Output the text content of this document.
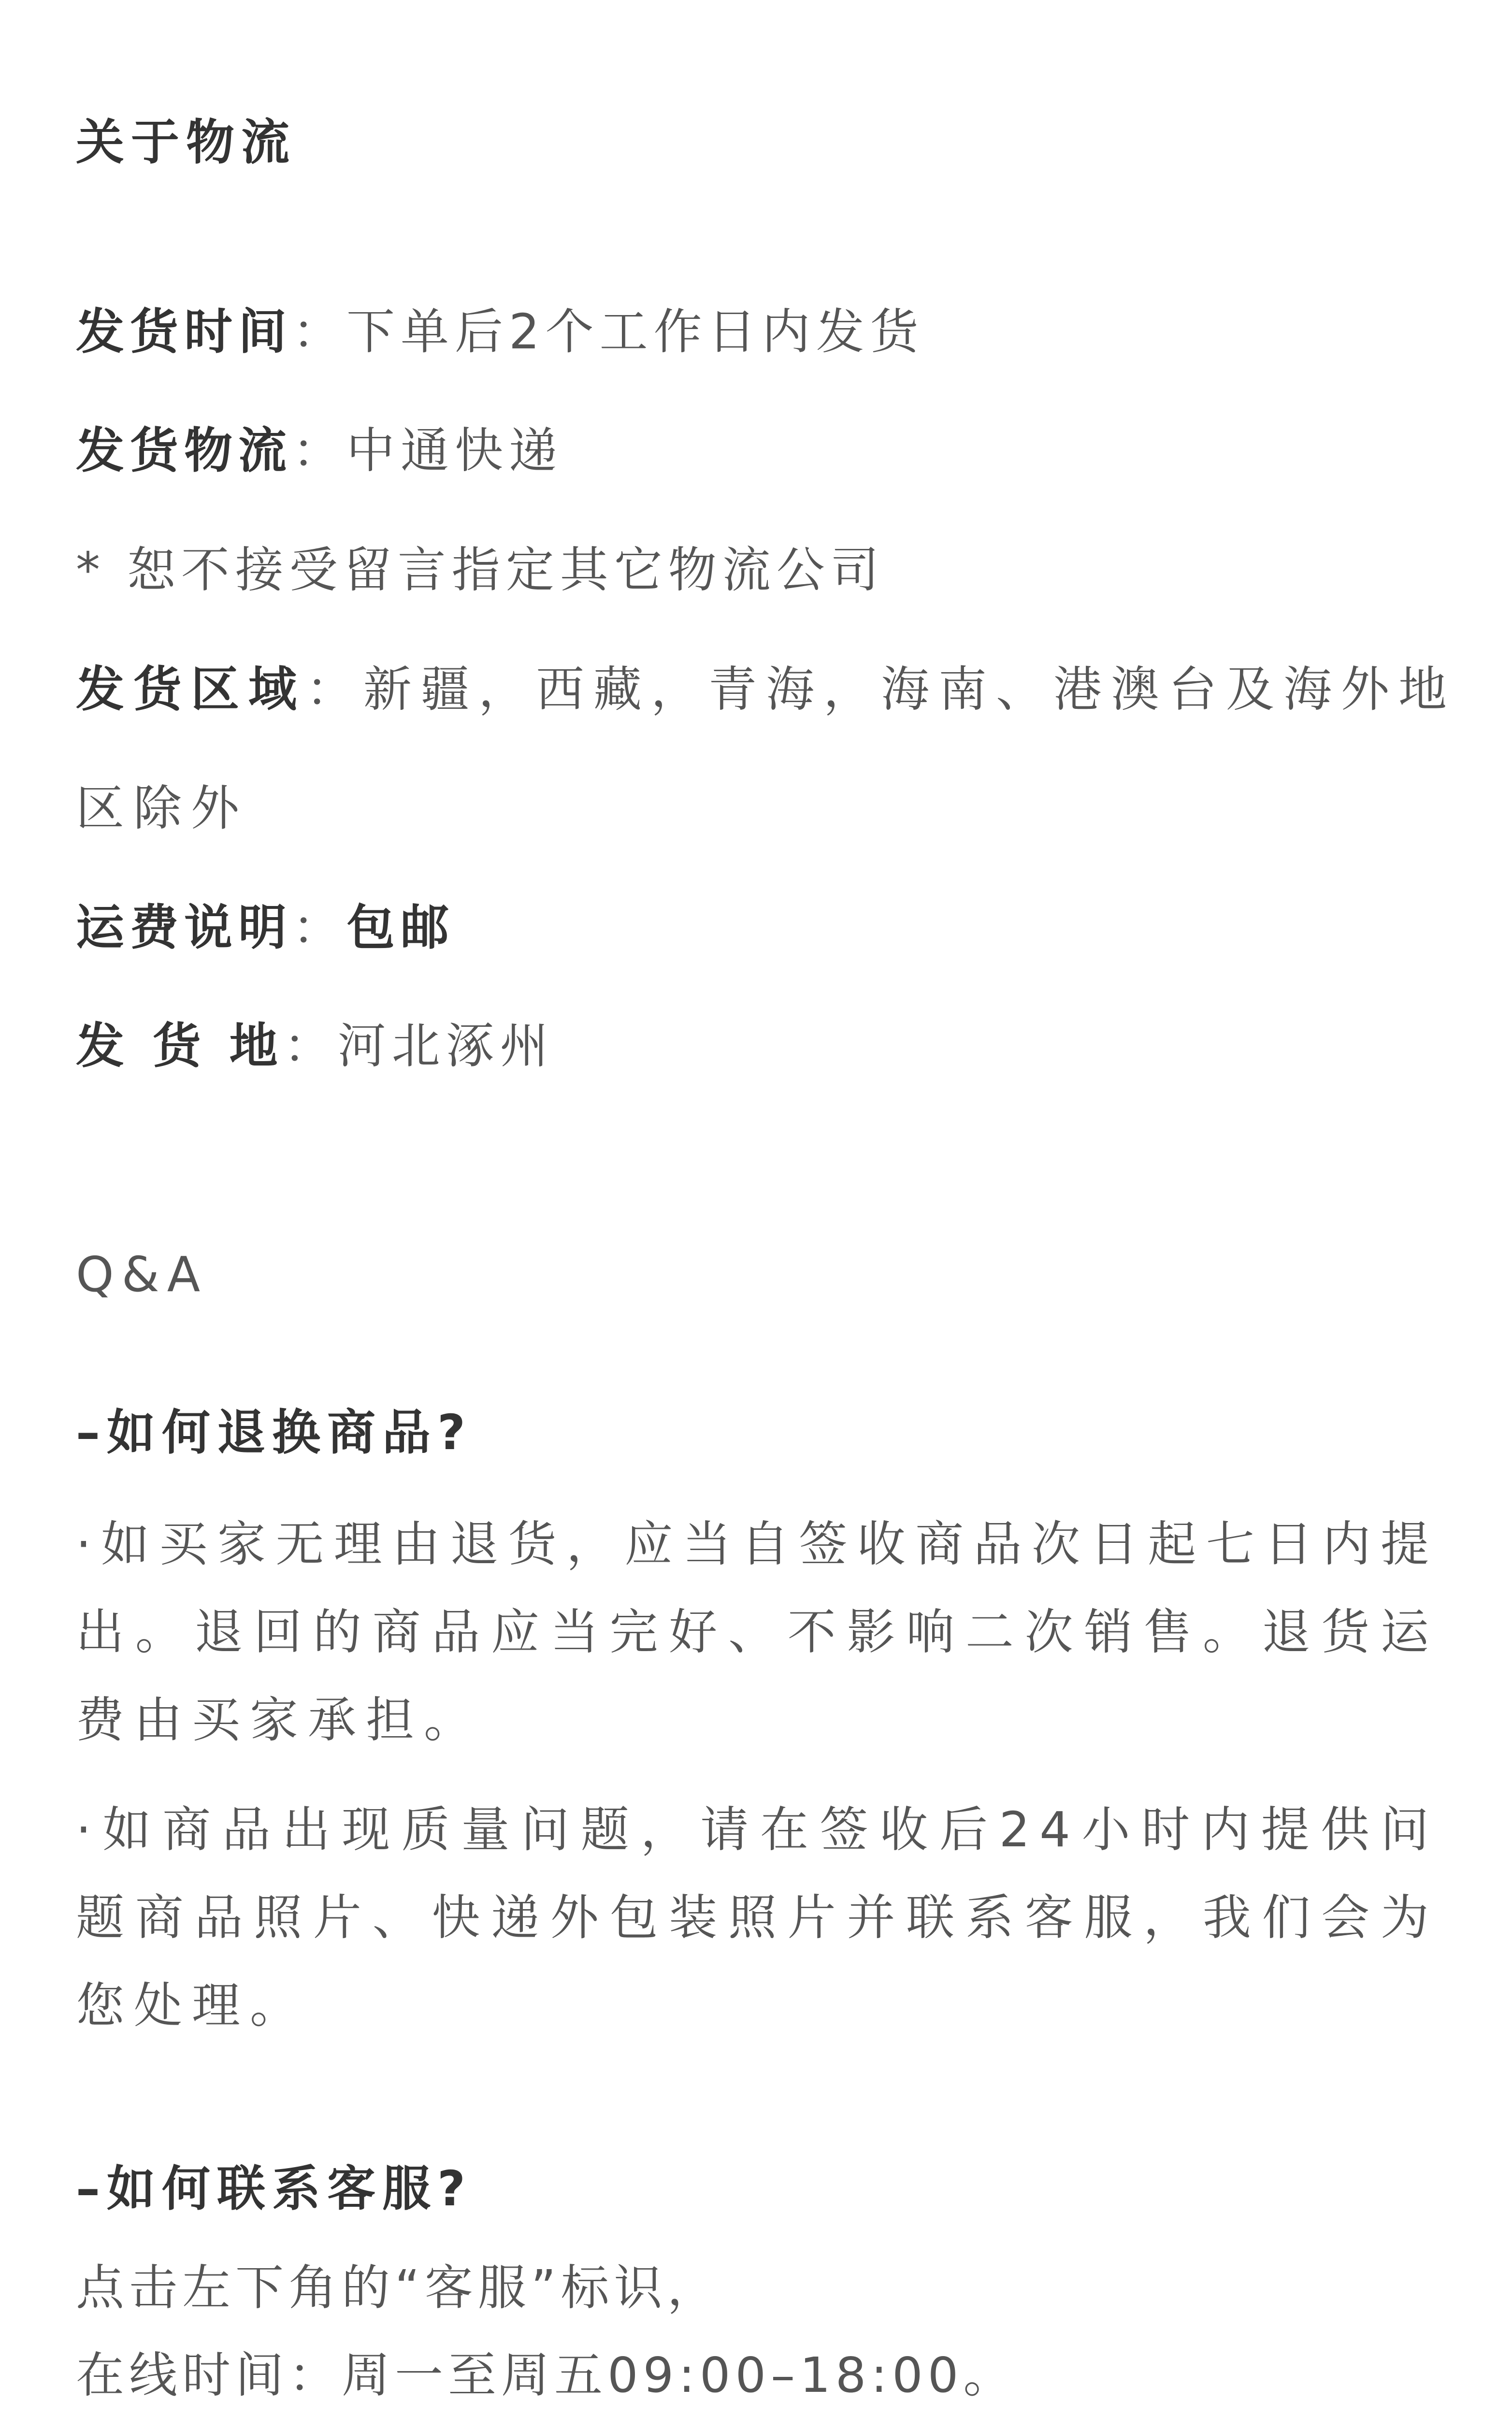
关于物流
发货时间：下单后2个工作日内发货
发货物流：中通快递
* 恕不接受留言指定其它物流公司
发货区域：新疆，西藏，青海，海南、港澳台及海外地
区除外
运费说明：包邮
发 货 地：河北涿州
Q&A
–如何退换商品?
·如买家无理由退货，应当自签收商品次日起七日内提出。退回的商品应当完好、不影响二次销售。退货运费由买家承担。
·如商品出现质量问题，请在签收后24小时内提供问题商品照片、快递外包装照片并联系客服，我们会为您处理。
–如何联系客服?
点击左下角的“客服”标识，
在线时间：周一至周五09:00–18:00。
